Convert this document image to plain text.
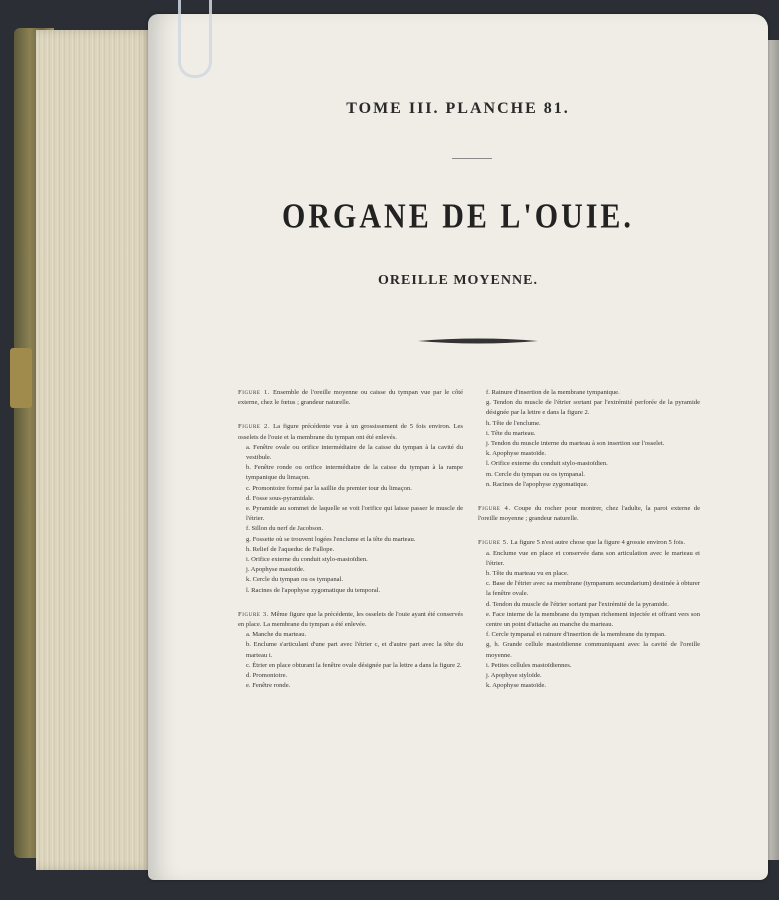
TOME III. PLANCHE 81.
ORGANE DE L'OUIE.
OREILLE MOYENNE.
Figure 1. Ensemble de l'oreille moyenne ou caisse du tympan vue par le côté externe, chez le fœtus ; grandeur naturelle.
Figure 2. La figure précédente vue à un grossissement de 5 fois environ. Les osselets de l'ouie et la membrane du tympan ont été enlevés.
a. Fenêtre ovale ou orifice intermédiaire de la caisse du tympan à la cavité du vestibule.
b. Fenêtre ronde ou orifice intermédiaire de la caisse du tympan à la rampe tympanique du limaçon.
c. Promontoire formé par la saillie du premier tour du limaçon.
d. Fosse sous-pyramidale.
e. Pyramide au sommet de laquelle se voit l'orifice qui laisse passer le muscle de l'étrier.
f. Sillon du nerf de Jacobson.
g. Fossette où se trouvent logées l'enclume et la tête du marteau.
h. Relief de l'aqueduc de Fallope.
i. Orifice externe du conduit stylo-mastoïdien.
j. Apophyse mastoïde.
k. Cercle du tympan ou os tympanal.
l. Racines de l'apophyse zygomatique du temporal.
Figure 3. Même figure que la précédente, les osselets de l'ouie ayant été conservés en place. La membrane du tympan a été enlevée.
a. Manche du marteau.
b. Enclume s'articulant d'une part avec l'étrier c, et d'autre part avec la tête du marteau i.
c. Étrier en place obturant la fenêtre ovale désignée par la lettre a dans la figure 2.
d. Promontoire.
e. Fenêtre ronde.
f. Rainure d'insertion de la membrane tympanique.
g. Tendon du muscle de l'étrier sortant par l'extrémité perforée de la pyramide désignée par la lettre e dans la figure 2.
h. Tête de l'enclume.
i. Tête du marteau.
j. Tendon du muscle interne du marteau à son insertion sur l'osselet.
k. Apophyse mastoïde.
l. Orifice externe du conduit stylo-mastoïdien.
m. Cercle du tympan ou os tympanal.
n. Racines de l'apophyse zygomatique.
Figure 4. Coupe du rocher pour montrer, chez l'adulte, la paroi externe de l'oreille moyenne ; grandeur naturelle.
Figure 5. La figure 5 n'est autre chose que la figure 4 grossie environ 5 fois.
a. Enclume vue en place et conservée dans son articulation avec le marteau et l'étrier.
b. Tête du marteau vu en place.
c. Base de l'étrier avec sa membrane (tympanum secundarium) destinée à obturer la fenêtre ovale.
d. Tendon du muscle de l'étrier sortant par l'extrémité de la pyramide.
e. Face interne de la membrane du tympan richement injectée et offrant vers son centre un point d'attache au manche du marteau.
f. Cercle tympanal et rainure d'insertion de la membrane du tympan.
g, h. Grande cellule mastoïdienne communiquant avec la cavité de l'oreille moyenne.
i. Petites cellules mastoïdiennes.
j. Apophyse styloïde.
k. Apophyse mastoïde.
